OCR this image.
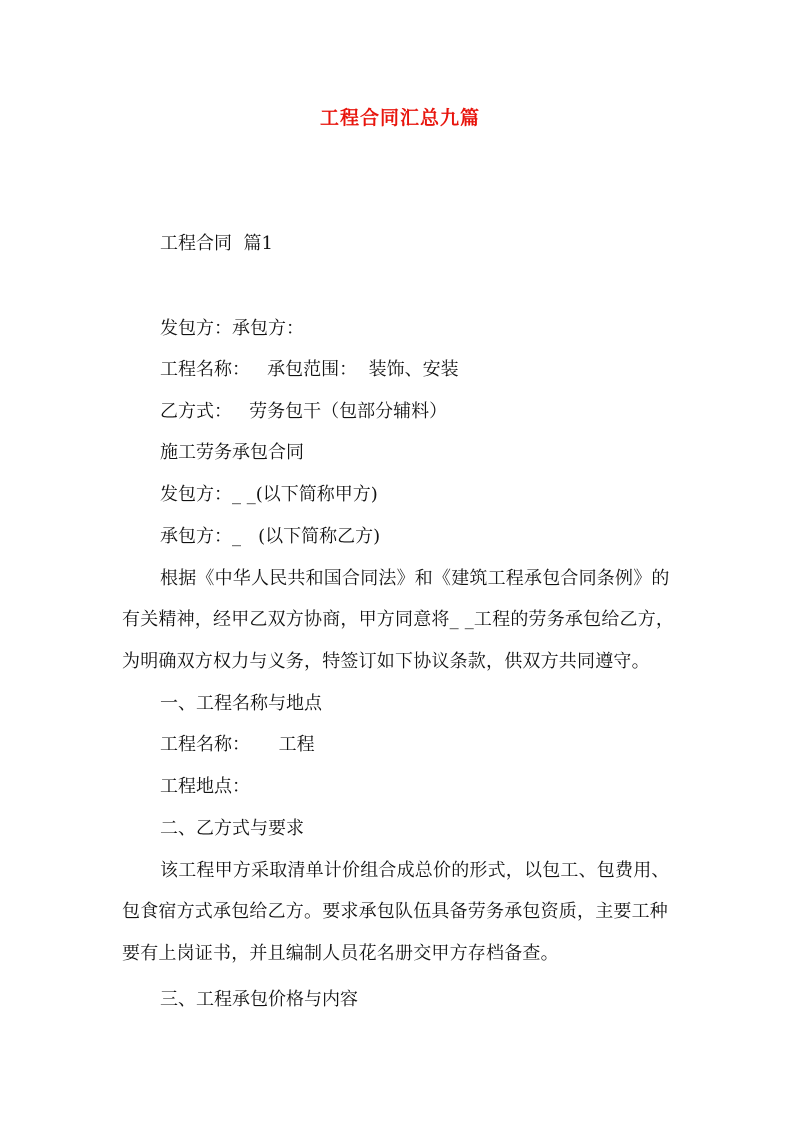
工程合同汇总九篇
工程合同  篇1
发包方：承包方：
工程名称：   承包范围：  装饰、安装
乙方式：   劳务包干（包部分辅料）
施工劳务承包合同
发包方：_ _(以下简称甲方)
承包方：_   (以下简称乙方)
根据《中华人民共和国合同法》和《建筑工程承包合同条例》的
有关精神，经甲乙双方协商，甲方同意将_ _工程的劳务承包给乙方，
为明确双方权力与义务，特签订如下协议条款，供双方共同遵守。
一、工程名称与地点
工程名称：     工程
工程地点：
二、乙方式与要求
该工程甲方采取清单计价组合成总价的形式，以包工、包费用、
包食宿方式承包给乙方。要求承包队伍具备劳务承包资质，主要工种
要有上岗证书，并且编制人员花名册交甲方存档备查。
三、工程承包价格与内容
